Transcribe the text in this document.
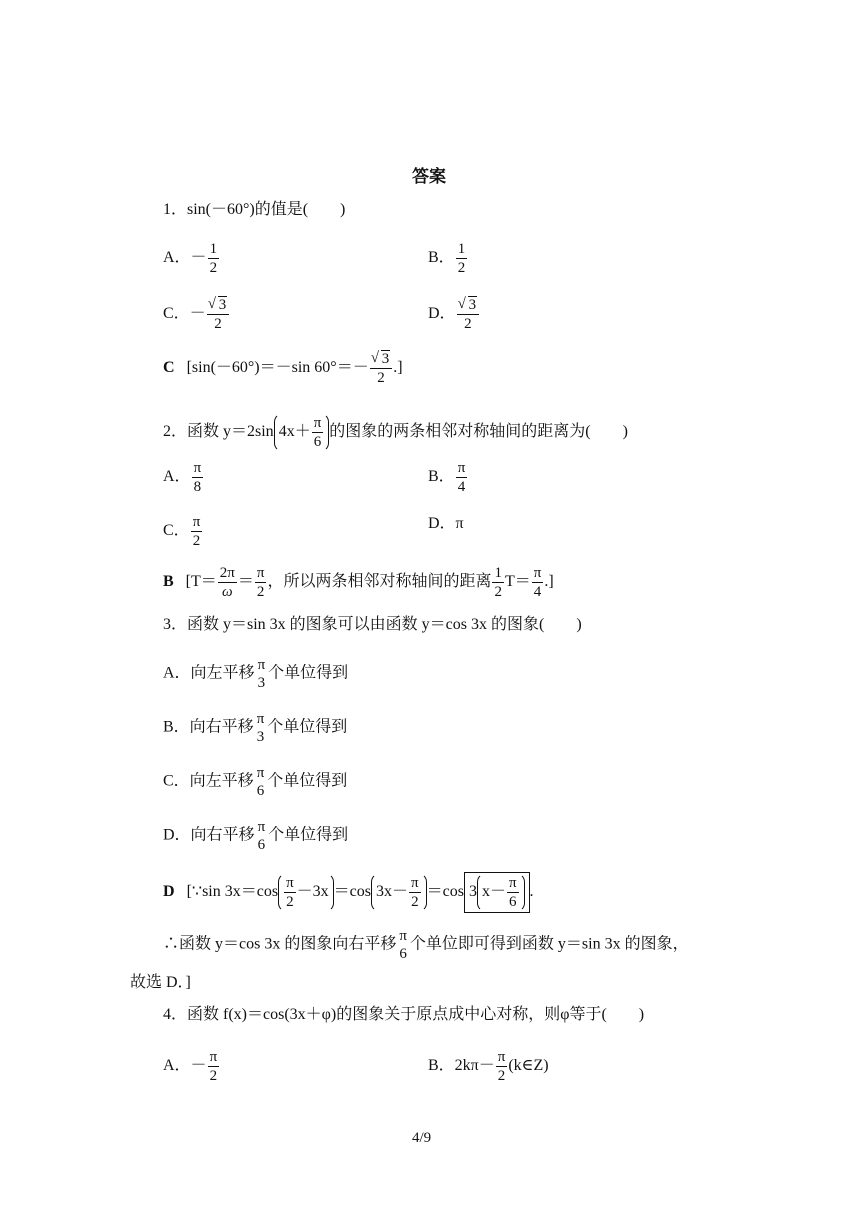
答案
1．sin(－60°)的值是(　　)
A．－ $\frac{1}{2}$	B． $\frac{1}{2}$
C．－ √ $\frac{3}{2}$	D． √ $\frac{3}{2}$
C [sin(－60°)＝－sin 60°＝－ √ $\frac{3}{2}$ .]
2．函数 y＝2sin $4x+ \frac{\pi}{6}$ 的图象的两条相邻对称轴间的距离为(　　)
A． $\frac{\pi}{8}$	B． $\frac{\pi}{4}$
C． $\frac{\pi}{2}$	D．π
B [$T= \frac{2\pi}{\omega} = \frac{\pi}{2}$ ，所以两条相邻对称轴间的距离 $\frac{1}{2} T= \frac{\pi}{4}$ .]
3．函数 y＝sin 3x 的图象可以由函数 y＝cos 3x 的图象(　　)
A．向左平移 π
3
个单位得到
B．向右平移 π
3
个单位得到
C．向左平移 π
6
个单位得到
D．向右平移 π
6
个单位得到
D [∵sin $3x=\cos \frac{\pi}{2} -3x =\cos$ $3x- \frac{\pi}{2} =\cos$ 3 $x- \frac{\pi}{6}$ .
∴函数 y＝cos 3x 的图象向右平移 π
6
个单位即可得到函数 y＝sin 3x 的图象，
故选 D．]
4．函数 f(x)＝cos(3x＋φ)的图象关于原点成中心对称，则φ等于(　　)
A．－ $\frac{\pi}{2}$	B．$2k\pi- \frac{\pi}{2}$ (k∈Z)
4/9
